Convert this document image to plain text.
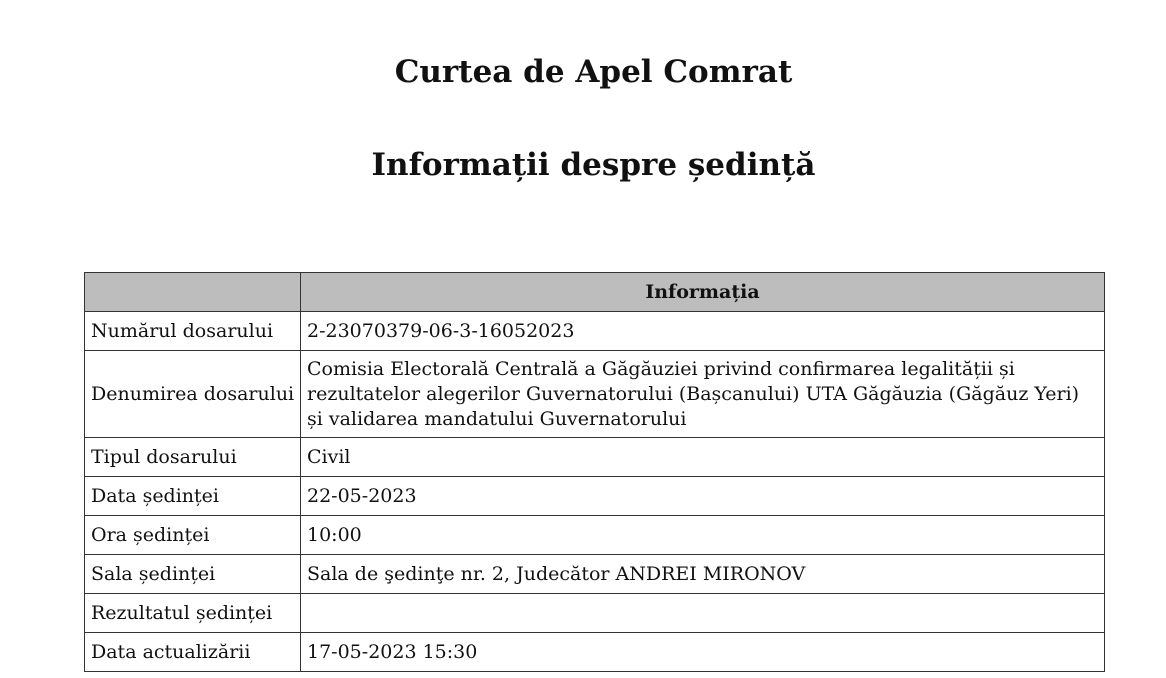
Curtea de Apel Comrat
Informații despre ședință
	Informația
Numărul dosarului	2-23070379-06-3-16052023
Denumirea dosarului	Comisia Electorală Centrală a Găgăuziei privind confirmarea legalității și rezultatelor alegerilor Guvernatorului (Bașcanului) UTA Găgăuzia (Găgăuz Yeri) și validarea mandatului Guvernatorului
Tipul dosarului	Civil
Data ședinței	22-05-2023
Ora ședinței	10:00
Sala ședinței	Sala de şedinţe nr. 2, Judecător ANDREI MIRONOV
Rezultatul ședinței	
Data actualizării	17-05-2023 15:30
